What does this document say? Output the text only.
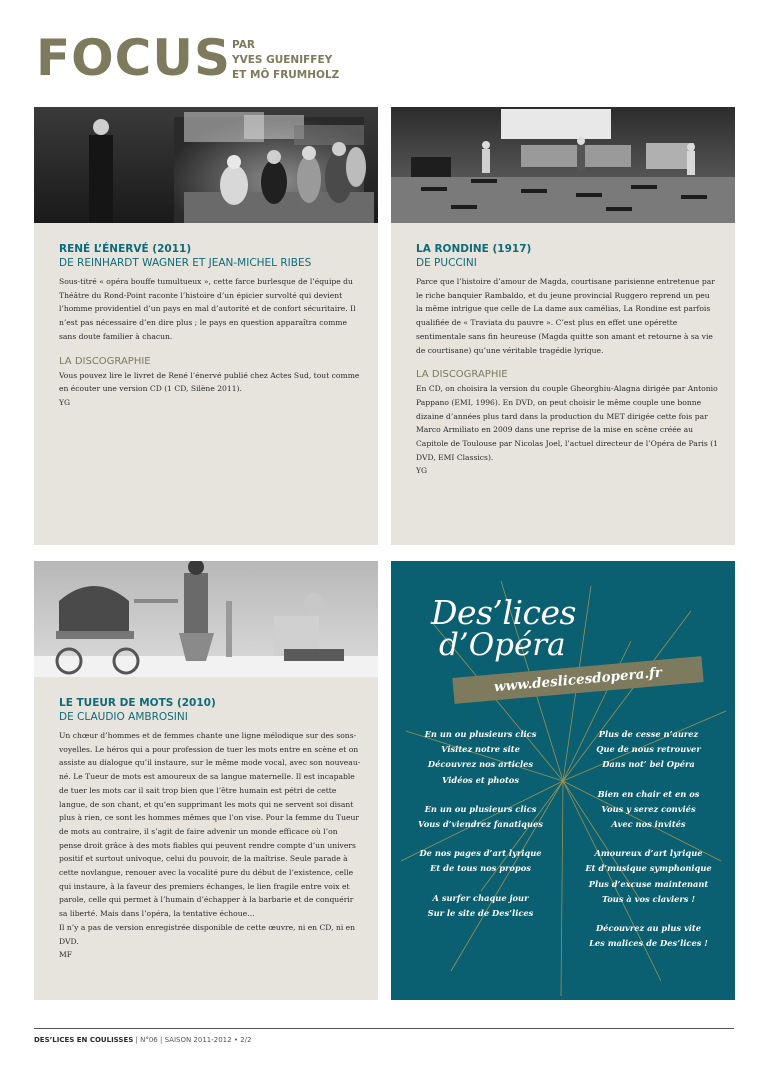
FOCUS PAR
YVES GUENIFFEY
ET MÔ FRUMHOLZ

RENÉ L’ÉNERVÉ (2011)

DE REINHARDT WAGNER ET JEAN-MICHEL RIBES

Sous-titré « opéra bouffe tumultueux », cette farce burlesque de l’équipe du Théâtre du Rond-Point raconte l’histoire d’un épicier survolté qui devient l’homme providentiel d’un pays en mal d’autorité et de confort sécuritaire. Il n’est pas nécessaire d’en dire plus ; le pays en question apparaîtra comme sans doute familier à chacun.

LA DISCOGRAPHIE

Vous pouvez lire le livret de René l’énervé publié chez Actes Sud, tout comme en écouter une version CD (1 CD, Silène 2011).

YG

LA RONDINE (1917)

DE PUCCINI

Parce que l’histoire d’amour de Magda, courtisane parisienne entretenue par le riche banquier Rambaldo, et du jeune provincial Ruggero reprend un peu la même intrigue que celle de La dame aux camélias, La Rondine est parfois qualifiée de « Traviata du pauvre ». C’est plus en effet une opérette sentimentale sans fin heureuse (Magda quitte son amant et retourne à sa vie de courtisane) qu’une véritable tragédie lyrique.

LA DISCOGRAPHIE

En CD, on choisira la version du couple Gheorghiu-Alagna dirigée par Antonio Pappano (EMI, 1996). En DVD, on peut choisir le même couple une bonne dizaine d’années plus tard dans la production du MET dirigée cette fois par Marco Armiliato en 2009 dans une reprise de la mise en scène créée au Capitole de Toulouse par Nicolas Joel, l’actuel directeur de l’Opéra de Paris (1 DVD, EMI Classics).

YG

LE TUEUR DE MOTS (2010)

DE CLAUDIO AMBROSINI

Un chœur d’hommes et de femmes chante une ligne mélodique sur des sons-voyelles. Le héros qui a pour profession de tuer les mots entre en scène et on assiste au dialogue qu’il instaure, sur le même mode vocal, avec son nouveau-né. Le Tueur de mots est amoureux de sa langue maternelle. Il est incapable de tuer les mots car il sait trop bien que l’être humain est pétri de cette langue, de son chant, et qu’en supprimant les mots qui ne servent soi disant plus à rien, ce sont les hommes mêmes que l’on vise. Pour la femme du Tueur de mots au contraire, il s’agit de faire advenir un monde efficace où l’on pense droit grâce à des mots fiables qui peuvent rendre compte d’un univers positif et surtout univoque, celui du pouvoir, de la maîtrise. Seule parade à cette novlangue, renouer avec la vocalité pure du début de l’existence, celle qui instaure, à la faveur des premiers échanges, le lien fragile entre voix et parole, celle qui permet à l’humain d’échapper à la barbarie et de conquérir sa liberté. Mais dans l’opéra, la tentative échoue…

Il n’y a pas de version enregistrée disponible de cette œuvre, ni en CD, ni en DVD.

MF

Des’lices
d’Opéra
www.deslicesdopera.fr

En un ou plusieurs clics
Visitez notre site
Découvrez nos articles
Vidéos et photos

En un ou plusieurs clics
Vous d’viendrez fanatiques

De nos pages d’art lyrique
Et de tous nos propos

A surfer chaque jour
Sur le site de Des’lices

Plus de cesse n’aurez
Que de nous retrouver
Dans not’ bel Opéra

Bien en chair et en os
Vous y serez conviés
Avec nos invités

Amoureux d’art lyrique
Et d’musique symphonique
Plus d’excuse maintenant
Tous à vos claviers !

Découvrez au plus vite
Les malices de Des’lices !

DES’LICES EN COULISSES | N°06 | SAISON 2011-2012 • 2/2
